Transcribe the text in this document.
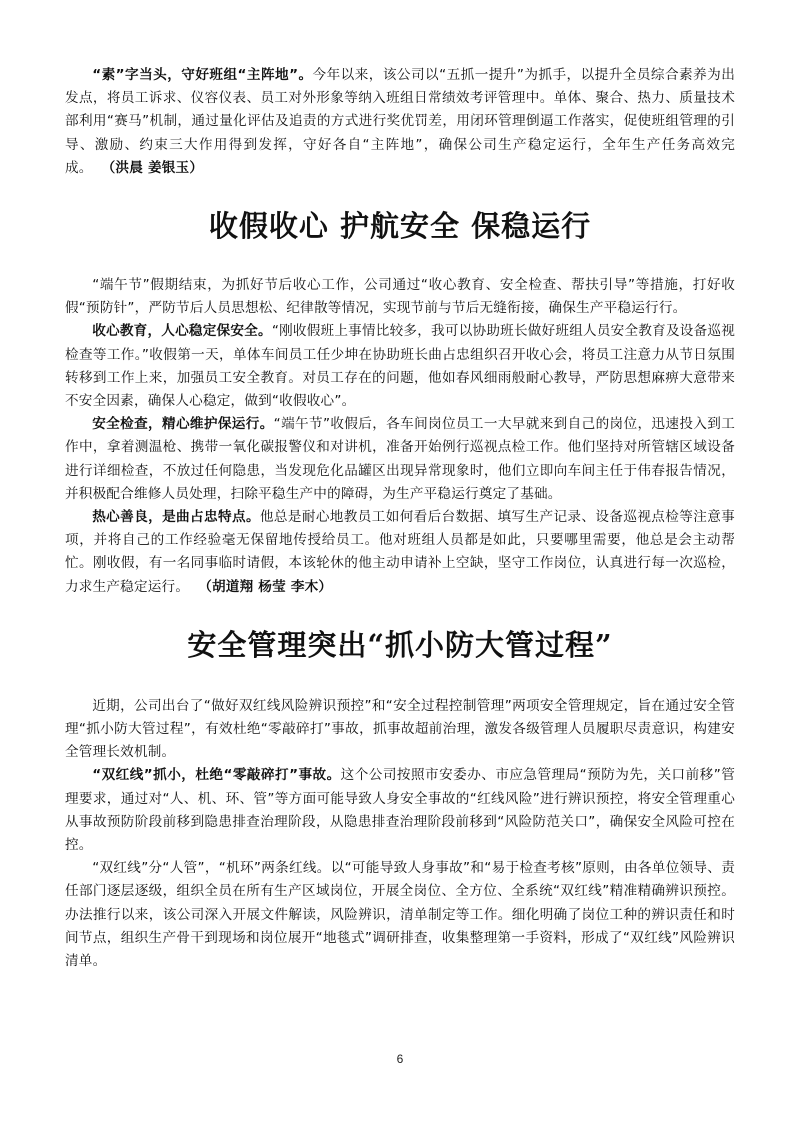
“素”字当头，守好班组“主阵地”。今年以来，该公司以“五抓一提升”为抓手，以提升全员综合素养为出发点，将员工诉求、仪容仪表、员工对外形象等纳入班组日常绩效考评管理中。单体、聚合、热力、质量技术部利用“赛马”机制，通过量化评估及追责的方式进行奖优罚差，用闭环管理倒逼工作落实，促使班组管理的引导、激励、约束三大作用得到发挥，守好各自“主阵地”，确保公司生产稳定运行，全年生产任务高效完成。 （洪晨 姜银玉）

收假收心 护航安全 保稳运行

“端午节”假期结束，为抓好节后收心工作，公司通过“收心教育、安全检查、帮扶引导”等措施，打好收假“预防针”，严防节后人员思想松、纪律散等情况，实现节前与节后无缝衔接，确保生产平稳运行行。

收心教育，人心稳定保安全。“刚收假班上事情比较多，我可以协助班长做好班组人员安全教育及设备巡视检查等工作。”收假第一天，单体车间员工任少坤在协助班长曲占忠组织召开收心会，将员工注意力从节日氛围转移到工作上来，加强员工安全教育。对员工存在的问题，他如春风细雨般耐心教导，严防思想麻痹大意带来不安全因素，确保人心稳定，做到“收假收心”。

安全检查，精心维护保运行。“端午节”收假后，各车间岗位员工一大早就来到自己的岗位，迅速投入到工作中，拿着测温枪、携带一氧化碳报警仪和对讲机，准备开始例行巡视点检工作。他们坚持对所管辖区域设备进行详细检查，不放过任何隐患，当发现危化品罐区出现异常现象时，他们立即向车间主任于伟春报告情况，并积极配合维修人员处理，扫除平稳生产中的障碍，为生产平稳运行奠定了基础。

热心善良，是曲占忠特点。他总是耐心地教员工如何看后台数据、填写生产记录、设备巡视点检等注意事项，并将自己的工作经验毫无保留地传授给员工。他对班组人员都是如此，只要哪里需要，他总是会主动帮忙。刚收假，有一名同事临时请假，本该轮休的他主动申请补上空缺，坚守工作岗位，认真进行每一次巡检，力求生产稳定运行。 （胡道翔 杨莹 李木）

安全管理突出“抓小防大管过程”

近期，公司出台了“做好双红线风险辨识预控”和“安全过程控制管理”两项安全管理规定，旨在通过安全管理“抓小防大管过程”，有效杜绝“零敲碎打”事故，抓事故超前治理，激发各级管理人员履职尽责意识，构建安全管理长效机制。

“双红线”抓小，杜绝“零敲碎打”事故。这个公司按照市安委办、市应急管理局“预防为先，关口前移”管理要求，通过对“人、机、环、管”等方面可能导致人身安全事故的“红线风险”进行辨识预控，将安全管理重心从事故预防阶段前移到隐患排查治理阶段，从隐患排查治理阶段前移到“风险防范关口”，确保安全风险可控在控。

“双红线”分“人管”，“机环”两条红线。以“可能导致人身事故”和“易于检查考核”原则，由各单位领导、责任部门逐层逐级，组织全员在所有生产区域岗位，开展全岗位、全方位、全系统“双红线”精准精确辨识预控。办法推行以来，该公司深入开展文件解读，风险辨识，清单制定等工作。细化明确了岗位工种的辨识责任和时间节点，组织生产骨干到现场和岗位展开“地毯式”调研排查，收集整理第一手资料，形成了“双红线”风险辨识清单。

6
